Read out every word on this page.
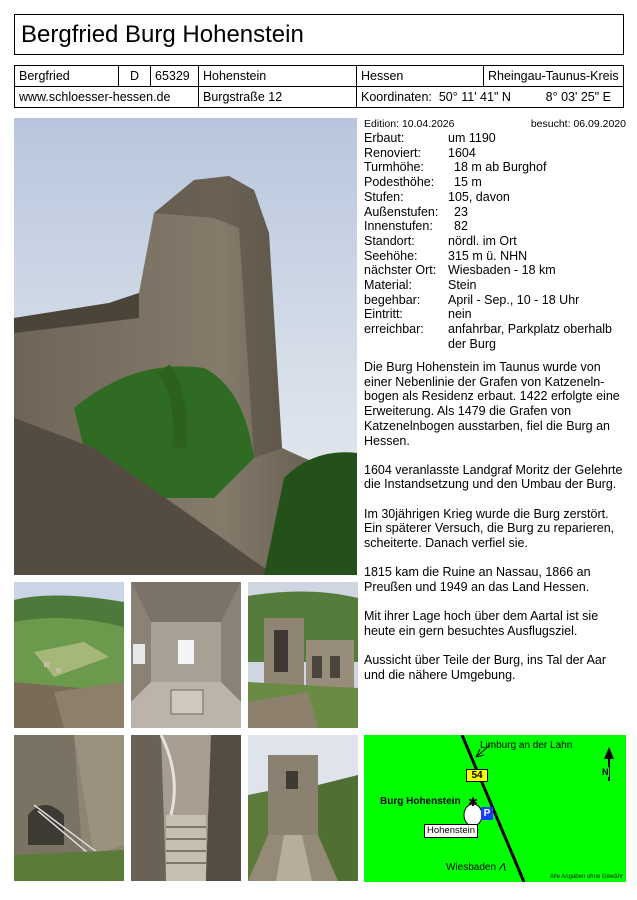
Bergfried Burg Hohenstein
Bergfried	D	65329	Hohenstein	Hessen	Rheingau-Taunus-Kreis
www.schloesser-hessen.de			Burgstraße 12	Koordinaten: 50° 11' 41" N 8° 03' 25" E	
Edition: 10.04.2026	besucht: 06.09.2020
Erbaut:	um 1190
Renoviert:	1604
Turmhöhe:	18 m ab Burghof
Podesthöhe:	15 m
Stufen:	105, davon
Außenstufen:	23
Innenstufen:	82
Standort:	nördl. im Ort
Seehöhe:	315 m ü. NHN
nächster Ort: Wiesbaden - 18 km
Material:	Stein
begehbar:	April - Sep., 10 - 18 Uhr
Eintritt:	nein
erreichbar:	anfahrbar, Parkplatz oberhalb der Burg

Die Burg Hohenstein im Taunus wurde von einer Nebenlinie der Grafen von Katzeneln-bogen als Residenz erbaut. 1422 erfolgte eine Erweiterung. Als 1479 die Grafen von Katzenelnbogen ausstarben, fiel die Burg an Hessen.

1604 veranlasste Landgraf Moritz der Gelehrte die Instandsetzung und den Umbau der Burg.

Im 30jährigen Krieg wurde die Burg zerstört. Ein späterer Versuch, die Burg zu reparieren, scheiterte. Danach verfiel sie.

1815 kam die Ruine an Nassau, 1866 an Preußen und 1949 an das Land Hessen.

Mit ihrer Lage hoch über dem Aartal ist sie heute ein gern besuchtes Ausflugsziel.

Aussicht über Teile der Burg, ins Tal der Aar und die nähere Umgebung.

Limburg an der Lahn
54
Burg Hohenstein ✱
P
Hohenstein
Wiesbaden
N
Alle Angaben ohne Gewähr
